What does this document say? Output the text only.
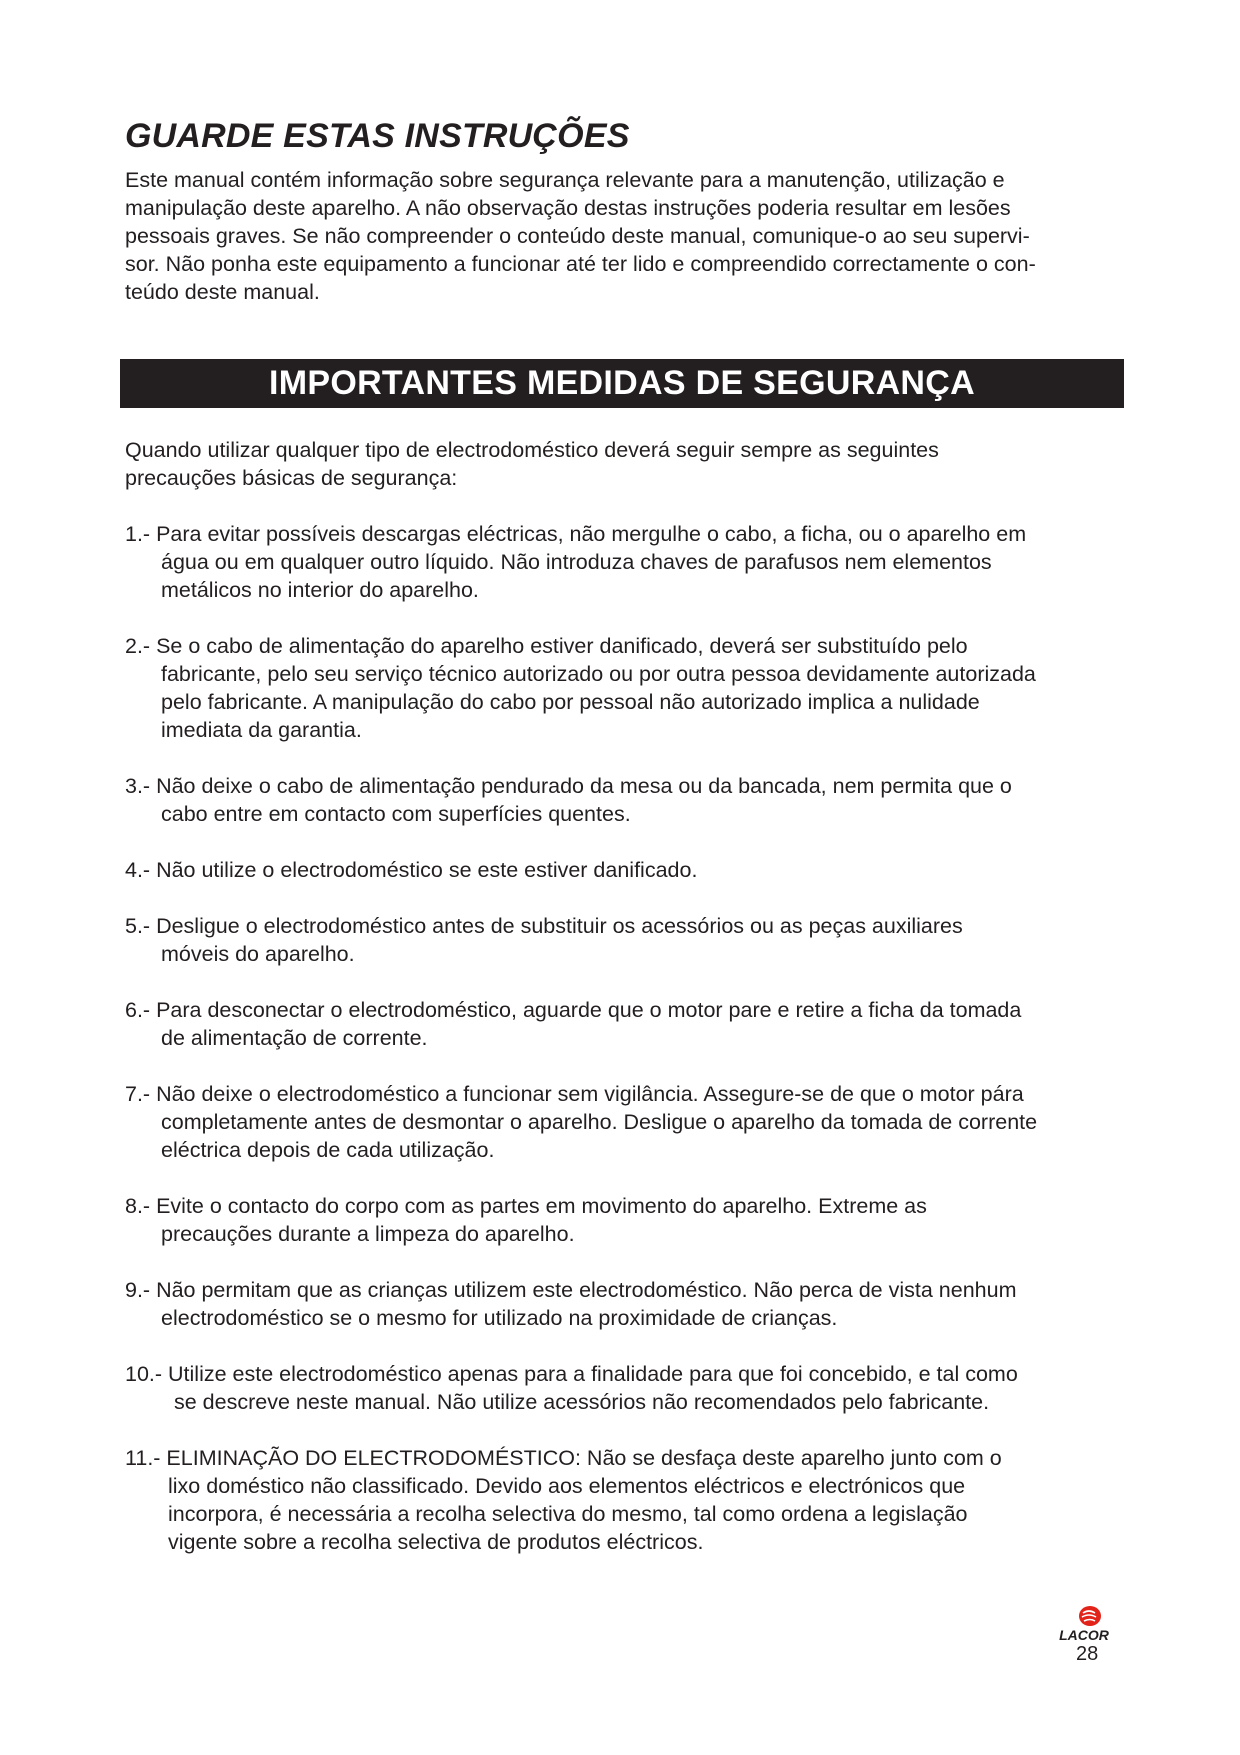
GUARDE ESTAS INSTRUÇÕES
Este manual contém informação sobre segurança relevante para a manutenção, utilização e
manipulação deste aparelho. A não observação destas instruções poderia resultar em lesões
pessoais graves. Se não compreender o conteúdo deste manual, comunique-o ao seu supervi-
sor. Não ponha este equipamento a funcionar até ter lido e compreendido correctamente o con-
teúdo deste manual.
IMPORTANTES MEDIDAS DE SEGURANÇA
Quando utilizar qualquer tipo de electrodoméstico deverá seguir sempre as seguintes
precauções básicas de segurança:
1.- Para evitar possíveis descargas eléctricas, não mergulhe o cabo, a ficha, ou o aparelho em
água ou em qualquer outro líquido. Não introduza chaves de parafusos nem elementos
metálicos no interior do aparelho.
2.- Se o cabo de alimentação do aparelho estiver danificado, deverá ser substituído pelo
fabricante, pelo seu serviço técnico autorizado ou por outra pessoa devidamente autorizada
pelo fabricante. A manipulação do cabo por pessoal não autorizado implica a nulidade
imediata da garantia.
3.- Não deixe o cabo de alimentação pendurado da mesa ou da bancada, nem permita que o
cabo entre em contacto com superfícies quentes.
4.- Não utilize o electrodoméstico se este estiver danificado.
5.- Desligue o electrodoméstico antes de substituir os acessórios ou as peças auxiliares
móveis do aparelho.
6.- Para desconectar o electrodoméstico, aguarde que o motor pare e retire a ficha da tomada
de alimentação de corrente.
7.- Não deixe o electrodoméstico a funcionar sem vigilância. Assegure-se de que o motor pára
completamente antes de desmontar o aparelho. Desligue o aparelho da tomada de corrente
eléctrica depois de cada utilização.
8.- Evite o contacto do corpo com as partes em movimento do aparelho. Extreme as
precauções durante a limpeza do aparelho.
9.- Não permitam que as crianças utilizem este electrodoméstico. Não perca de vista nenhum
electrodoméstico se o mesmo for utilizado na proximidade de crianças.
10.- Utilize este electrodoméstico apenas para a finalidade para que foi concebido, e tal como
se descreve neste manual. Não utilize acessórios não recomendados pelo fabricante.
11.- ELIMINAÇÃO DO ELECTRODOMÉSTICO: Não se desfaça deste aparelho junto com o
lixo doméstico não classificado. Devido aos elementos eléctricos e electrónicos que
incorpora, é necessária a recolha selectiva do mesmo, tal como ordena a legislação
vigente sobre a recolha selectiva de produtos eléctricos.
LACOR
28
